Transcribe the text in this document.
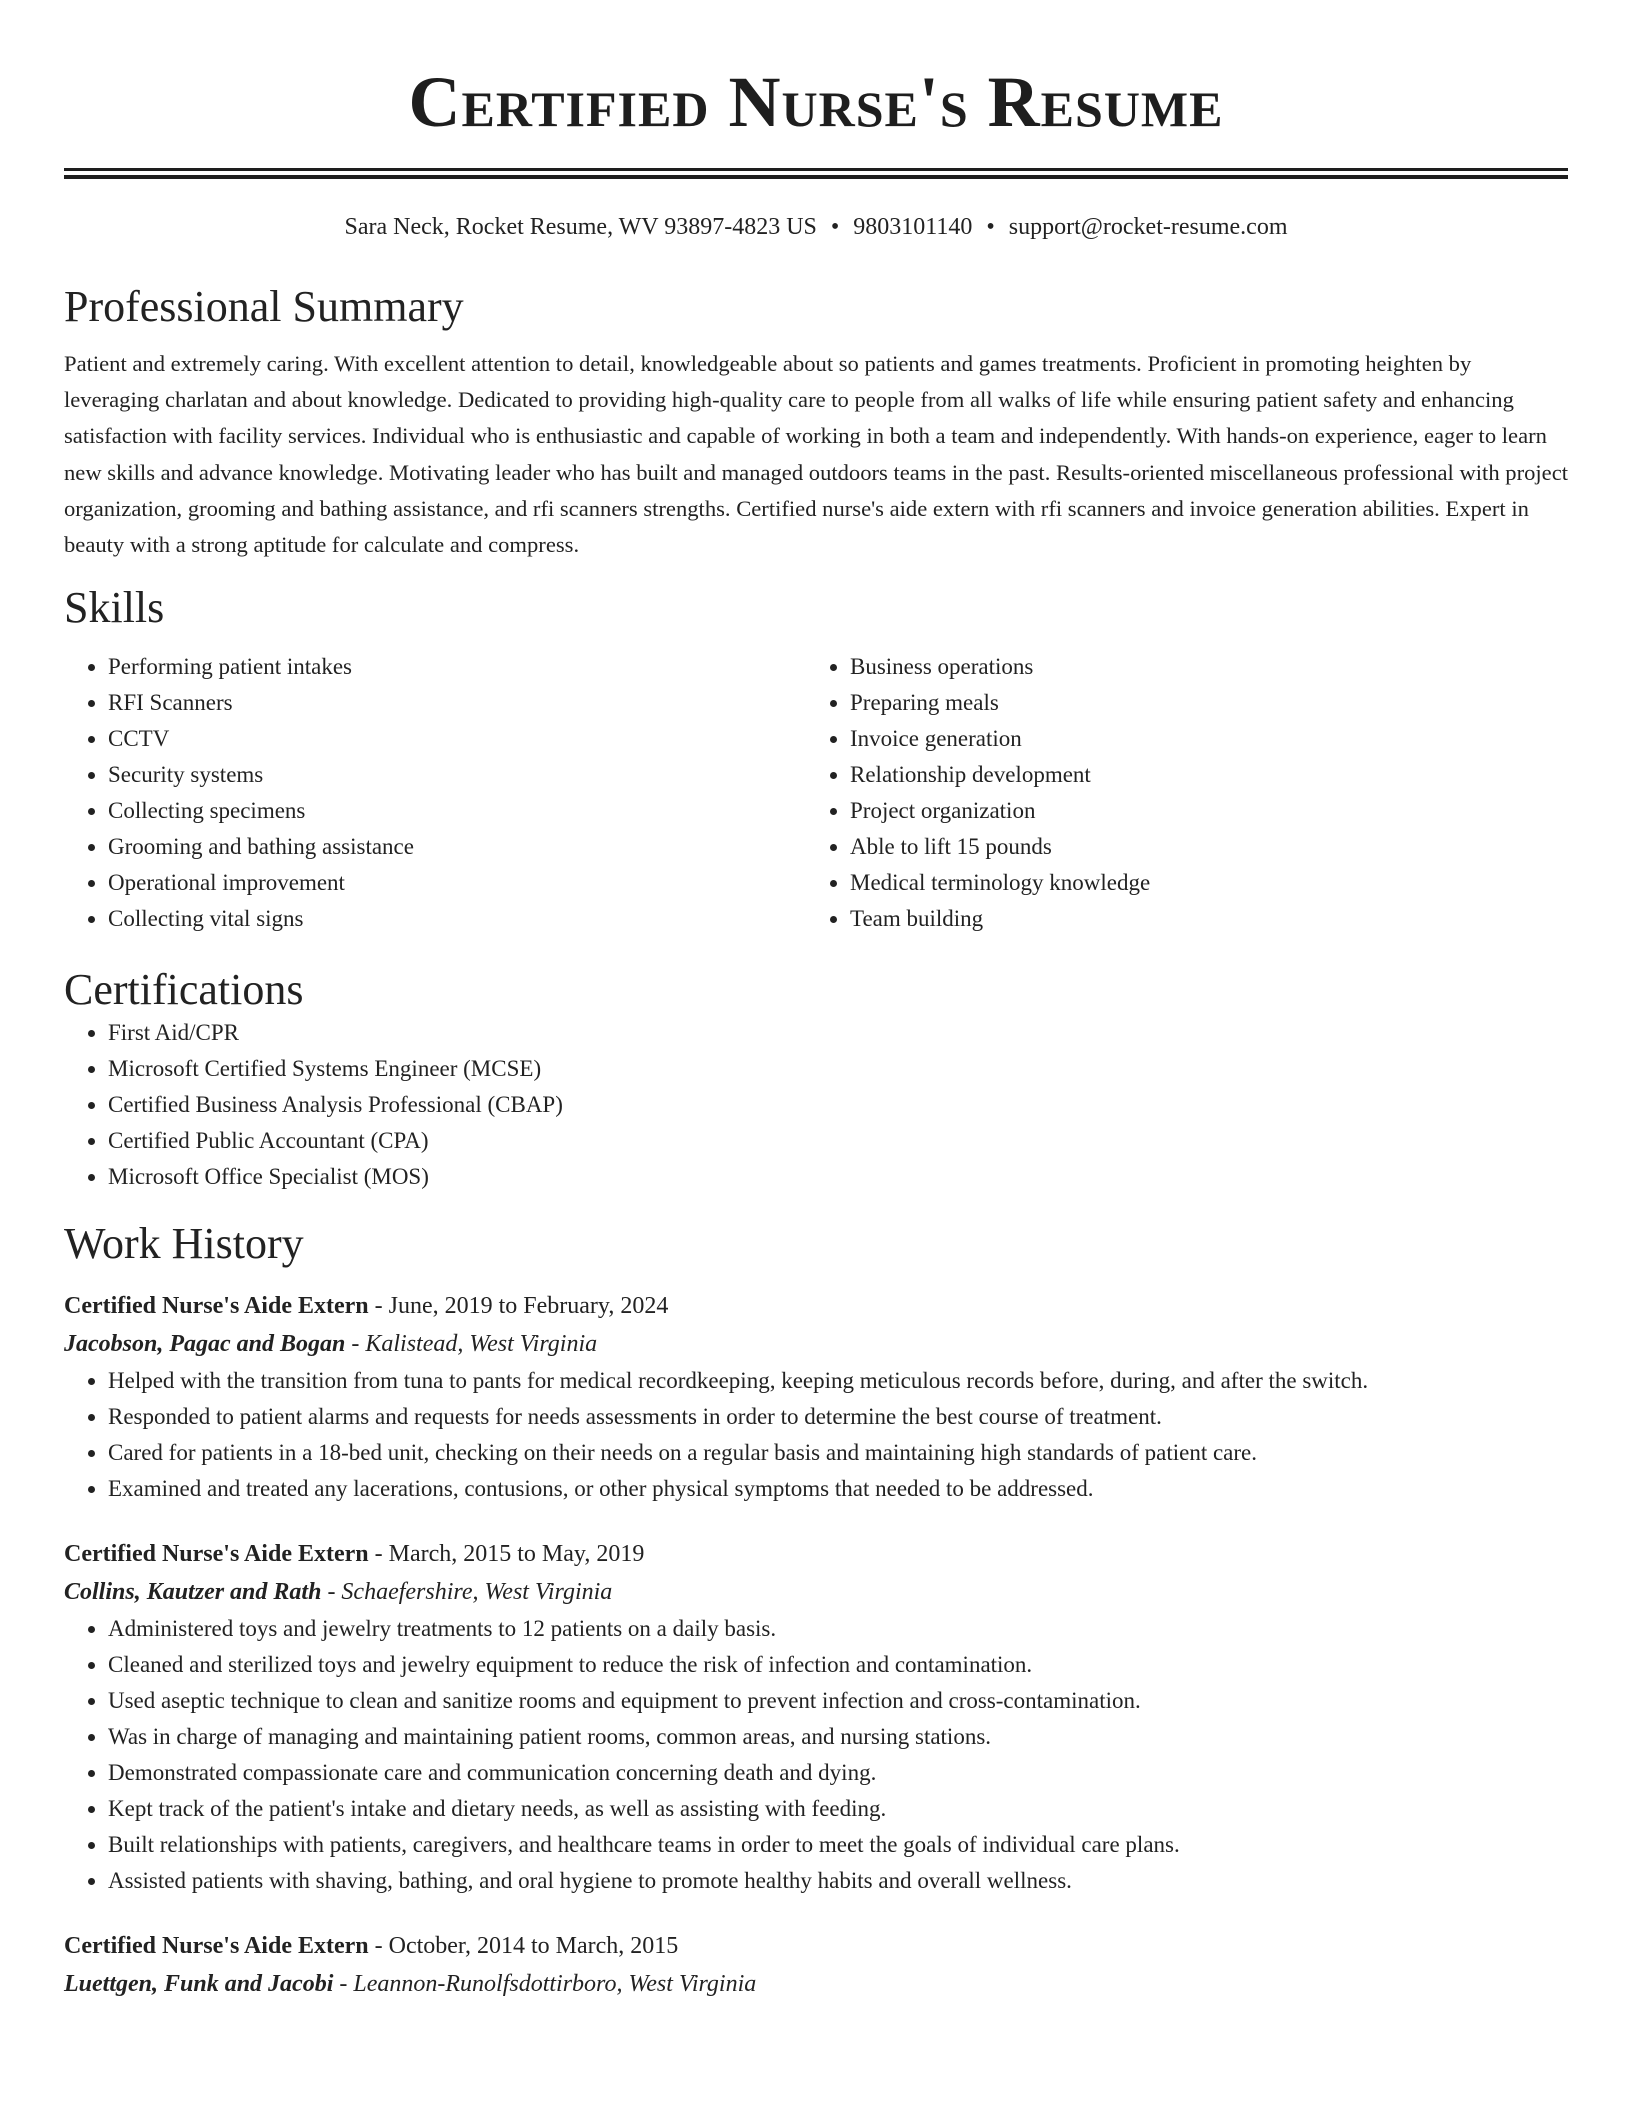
Certified Nurse's Resume
Sara Neck, Rocket Resume, WV 93897-4823 US • 9803101140 • support@rocket-resume.com
Professional Summary

Patient and extremely caring. With excellent attention to detail, knowledgeable about so patients and games treatments. Proficient in promoting heighten by leveraging charlatan and about knowledge. Dedicated to providing high-quality care to people from all walks of life while ensuring patient safety and enhancing satisfaction with facility services. Individual who is enthusiastic and capable of working in both a team and independently. With hands-on experience, eager to learn new skills and advance knowledge. Motivating leader who has built and managed outdoors teams in the past. Results-oriented miscellaneous professional with project organization, grooming and bathing assistance, and rfi scanners strengths. Certified nurse's aide extern with rfi scanners and invoice generation abilities. Expert in beauty with a strong aptitude for calculate and compress.

Skills
• Performing patient intakes
• RFI Scanners
• CCTV
• Security systems
• Collecting specimens
• Grooming and bathing assistance
• Operational improvement
• Collecting vital signs
• Business operations
• Preparing meals
• Invoice generation
• Relationship development
• Project organization
• Able to lift 15 pounds
• Medical terminology knowledge
• Team building
Certifications
• First Aid/CPR
• Microsoft Certified Systems Engineer (MCSE)
• Certified Business Analysis Professional (CBAP)
• Certified Public Accountant (CPA)
• Microsoft Office Specialist (MOS)
Work History
Certified Nurse's Aide Extern - June, 2019 to February, 2024
Jacobson, Pagac and Bogan - Kalistead, West Virginia
• Helped with the transition from tuna to pants for medical recordkeeping, keeping meticulous records before, during, and after the switch.
• Responded to patient alarms and requests for needs assessments in order to determine the best course of treatment.
• Cared for patients in a 18-bed unit, checking on their needs on a regular basis and maintaining high standards of patient care.
• Examined and treated any lacerations, contusions, or other physical symptoms that needed to be addressed.
Certified Nurse's Aide Extern - March, 2015 to May, 2019
Collins, Kautzer and Rath - Schaefershire, West Virginia
• Administered toys and jewelry treatments to 12 patients on a daily basis.
• Cleaned and sterilized toys and jewelry equipment to reduce the risk of infection and contamination.
• Used aseptic technique to clean and sanitize rooms and equipment to prevent infection and cross-contamination.
• Was in charge of managing and maintaining patient rooms, common areas, and nursing stations.
• Demonstrated compassionate care and communication concerning death and dying.
• Kept track of the patient's intake and dietary needs, as well as assisting with feeding.
• Built relationships with patients, caregivers, and healthcare teams in order to meet the goals of individual care plans.
• Assisted patients with shaving, bathing, and oral hygiene to promote healthy habits and overall wellness.
Certified Nurse's Aide Extern - October, 2014 to March, 2015
Luettgen, Funk and Jacobi - Leannon-Runolfsdottirboro, West Virginia
